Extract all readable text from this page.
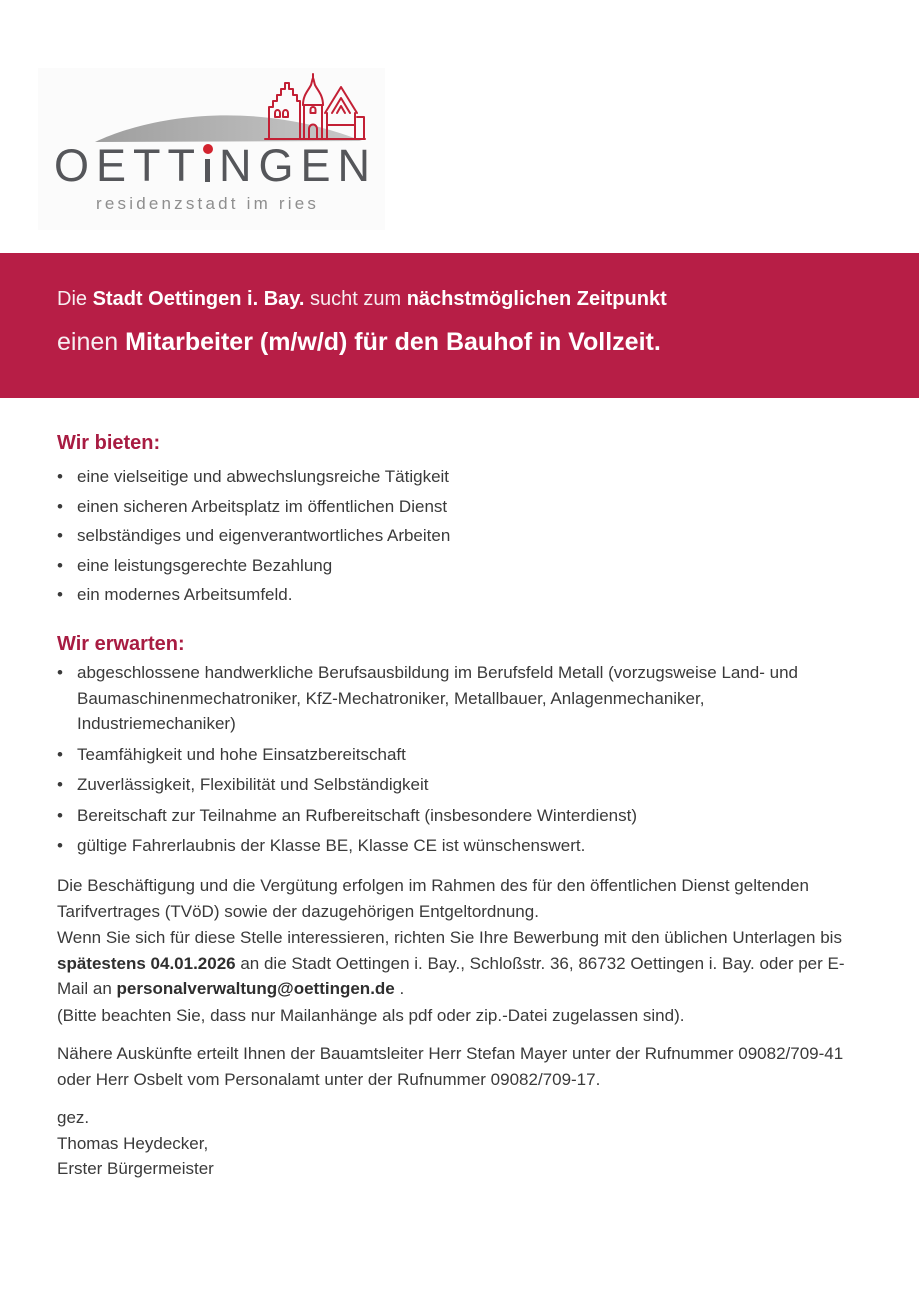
OETT NGEN
residenzstadt im ries
Die Stadt Oettingen i. Bay. sucht zum nächstmöglichen Zeitpunkt
einen Mitarbeiter (m/w/d) für den Bauhof in Vollzeit.
Wir bieten:
• eine vielseitige und abwechslungsreiche Tätigkeit
• einen sicheren Arbeitsplatz im öffentlichen Dienst
• selbständiges und eigenverantwortliches Arbeiten
• eine leistungsgerechte Bezahlung
• ein modernes Arbeitsumfeld.
Wir erwarten:
• abgeschlossene handwerkliche Berufsausbildung im Berufsfeld Metall (vorzugsweise Land- und Baumaschinenmechatroniker, KfZ-Mechatroniker, Metallbauer, Anlagenmechaniker, Industriemechaniker)
• Teamfähigkeit und hohe Einsatzbereitschaft
• Zuverlässigkeit, Flexibilität und Selbständigkeit
• Bereitschaft zur Teilnahme an Rufbereitschaft (insbesondere Winterdienst)
• gültige Fahrerlaubnis der Klasse BE, Klasse CE ist wünschenswert.

Die Beschäftigung und die Vergütung erfolgen im Rahmen des für den öffentlichen Dienst geltenden Tarifvertrages (TVöD) sowie der dazugehörigen Entgeltordnung.

Wenn Sie sich für diese Stelle interessieren, richten Sie Ihre Bewerbung mit den üblichen Unterlagen bis spätestens 04.01.2026 an die Stadt Oettingen i. Bay., Schloßstr. 36, 86732 Oettingen i. Bay. oder per E-Mail an personalverwaltung@oettingen.de .

(Bitte beachten Sie, dass nur Mailanhänge als pdf oder zip.-Datei zugelassen sind).

Nähere Auskünfte erteilt Ihnen der Bauamtsleiter Herr Stefan Mayer unter der Rufnummer 09082/709-41 oder Herr Osbelt vom Personalamt unter der Rufnummer 09082/709-17.

gez.
Thomas Heydecker,
Erster Bürgermeister
